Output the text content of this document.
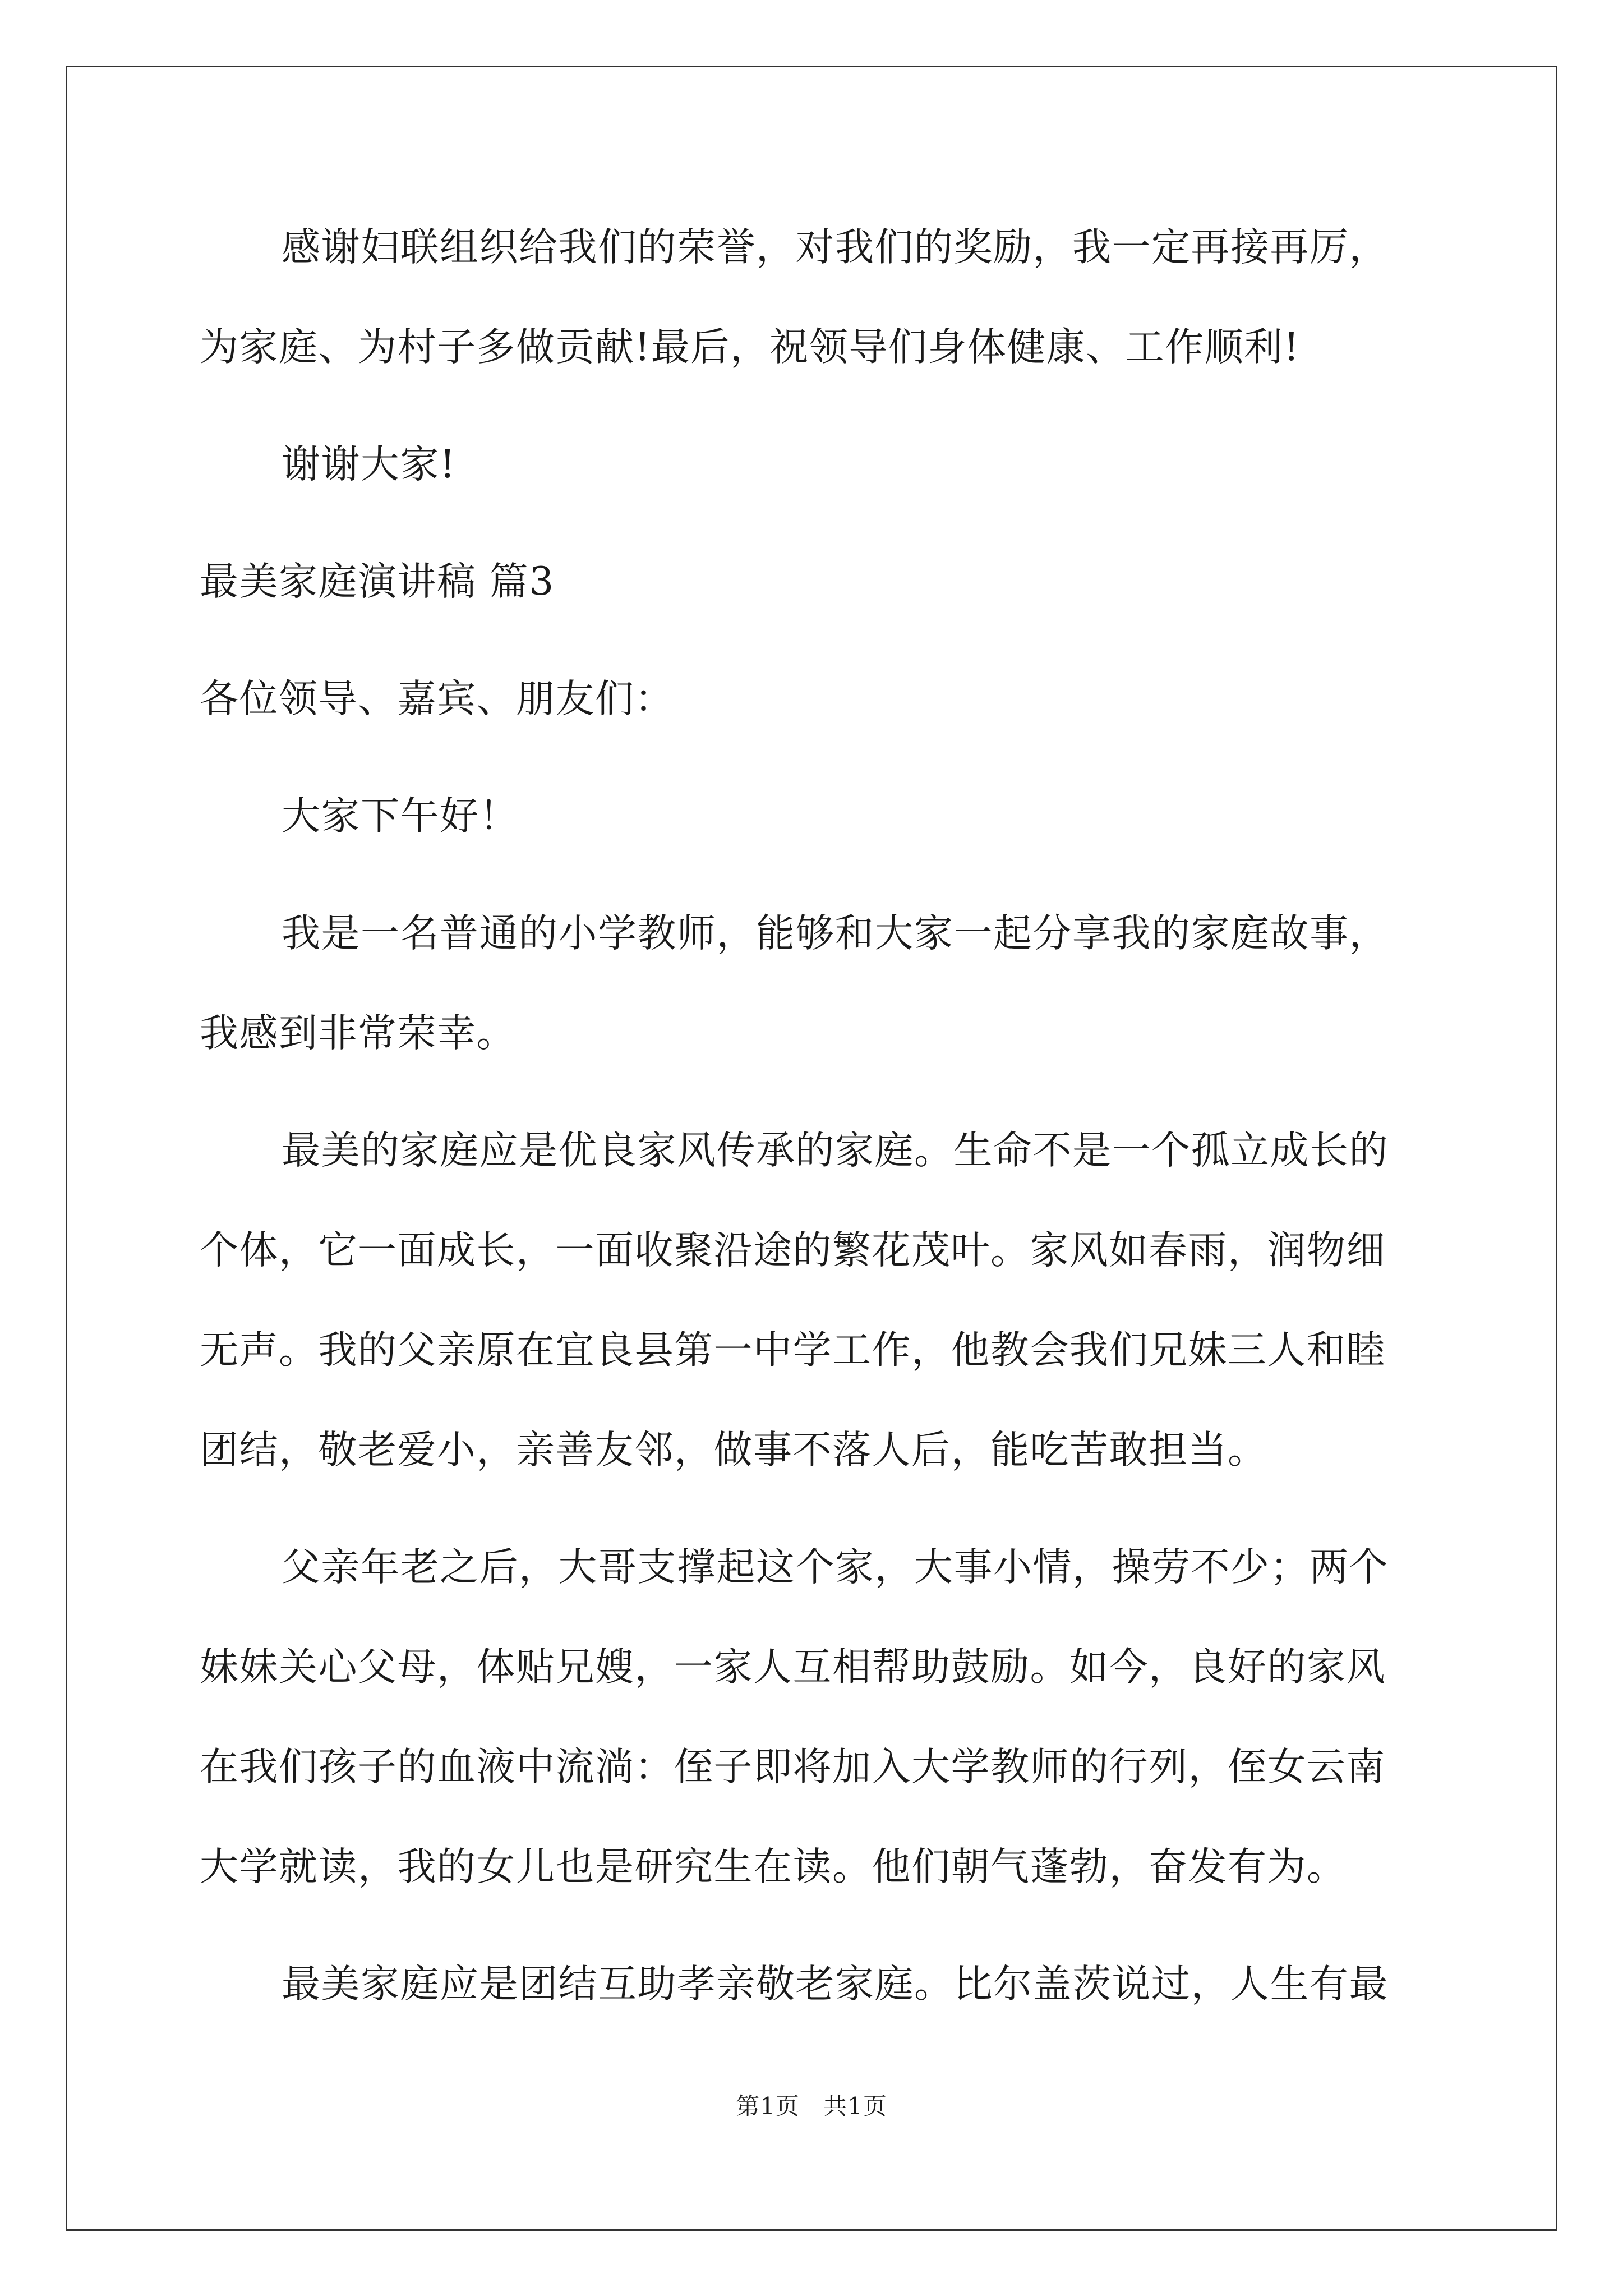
感谢妇联组织给我们的荣誉，对我们的奖励，我一定再接再厉，
为家庭、为村子多做贡献!最后，祝领导们身体健康、工作顺利!
谢谢大家!
最美家庭演讲稿 篇3
各位领导、嘉宾、朋友们：
大家下午好！
我是一名普通的小学教师，能够和大家一起分享我的家庭故事，
我感到非常荣幸。
最美的家庭应是优良家风传承的家庭。生命不是一个孤立成长的
个体，它一面成长，一面收聚沿途的繁花茂叶。家风如春雨，润物细
无声。我的父亲原在宜良县第一中学工作，他教会我们兄妹三人和睦
团结，敬老爱小，亲善友邻，做事不落人后，能吃苦敢担当。
父亲年老之后，大哥支撑起这个家，大事小情，操劳不少；两个
妹妹关心父母，体贴兄嫂，一家人互相帮助鼓励。如今，良好的家风
在我们孩子的血液中流淌：侄子即将加入大学教师的行列，侄女云南
大学就读，我的女儿也是研究生在读。他们朝气蓬勃，奋发有为。
最美家庭应是团结互助孝亲敬老家庭。比尔盖茨说过，人生有最
第1页 共1页
